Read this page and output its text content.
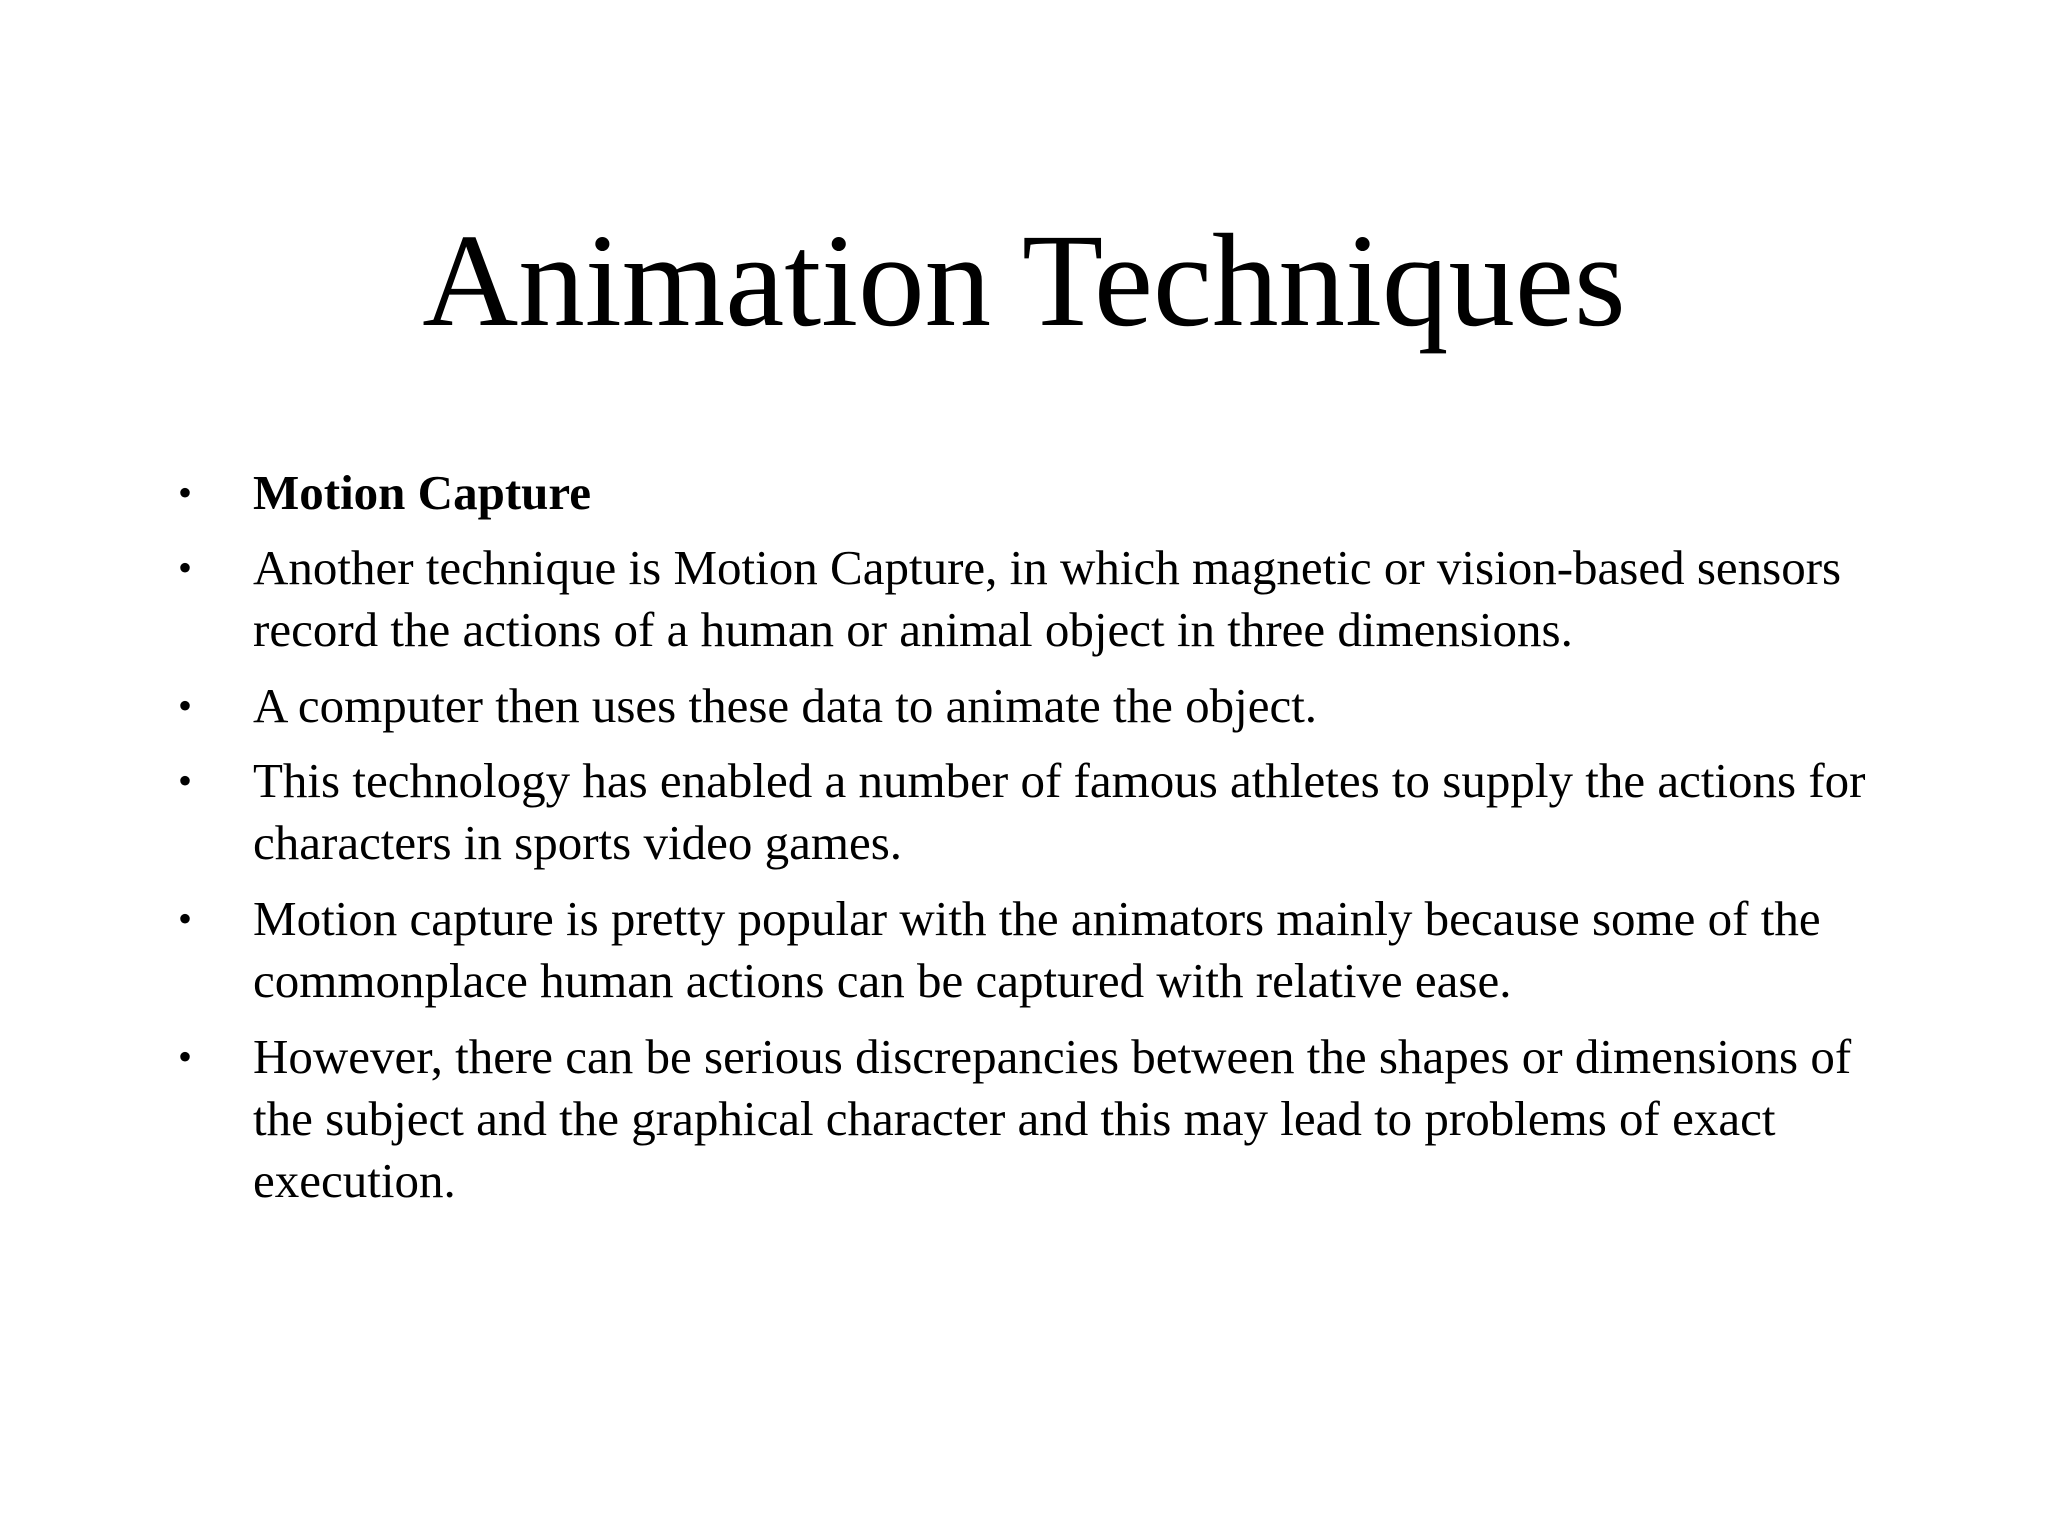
Animation Techniques
• Motion Capture
• Another technique is Motion Capture, in which magnetic or vision-based sensors record the actions of a human or animal object in three dimensions.
• A computer then uses these data to animate the object.
• This technology has enabled a number of famous athletes to supply the actions for characters in sports video games.
• Motion capture is pretty popular with the animators mainly because some of the commonplace human actions can be captured with relative ease.
• However, there can be serious discrepancies between the shapes or dimensions of the subject and the graphical character and this may lead to problems of exact execution.
